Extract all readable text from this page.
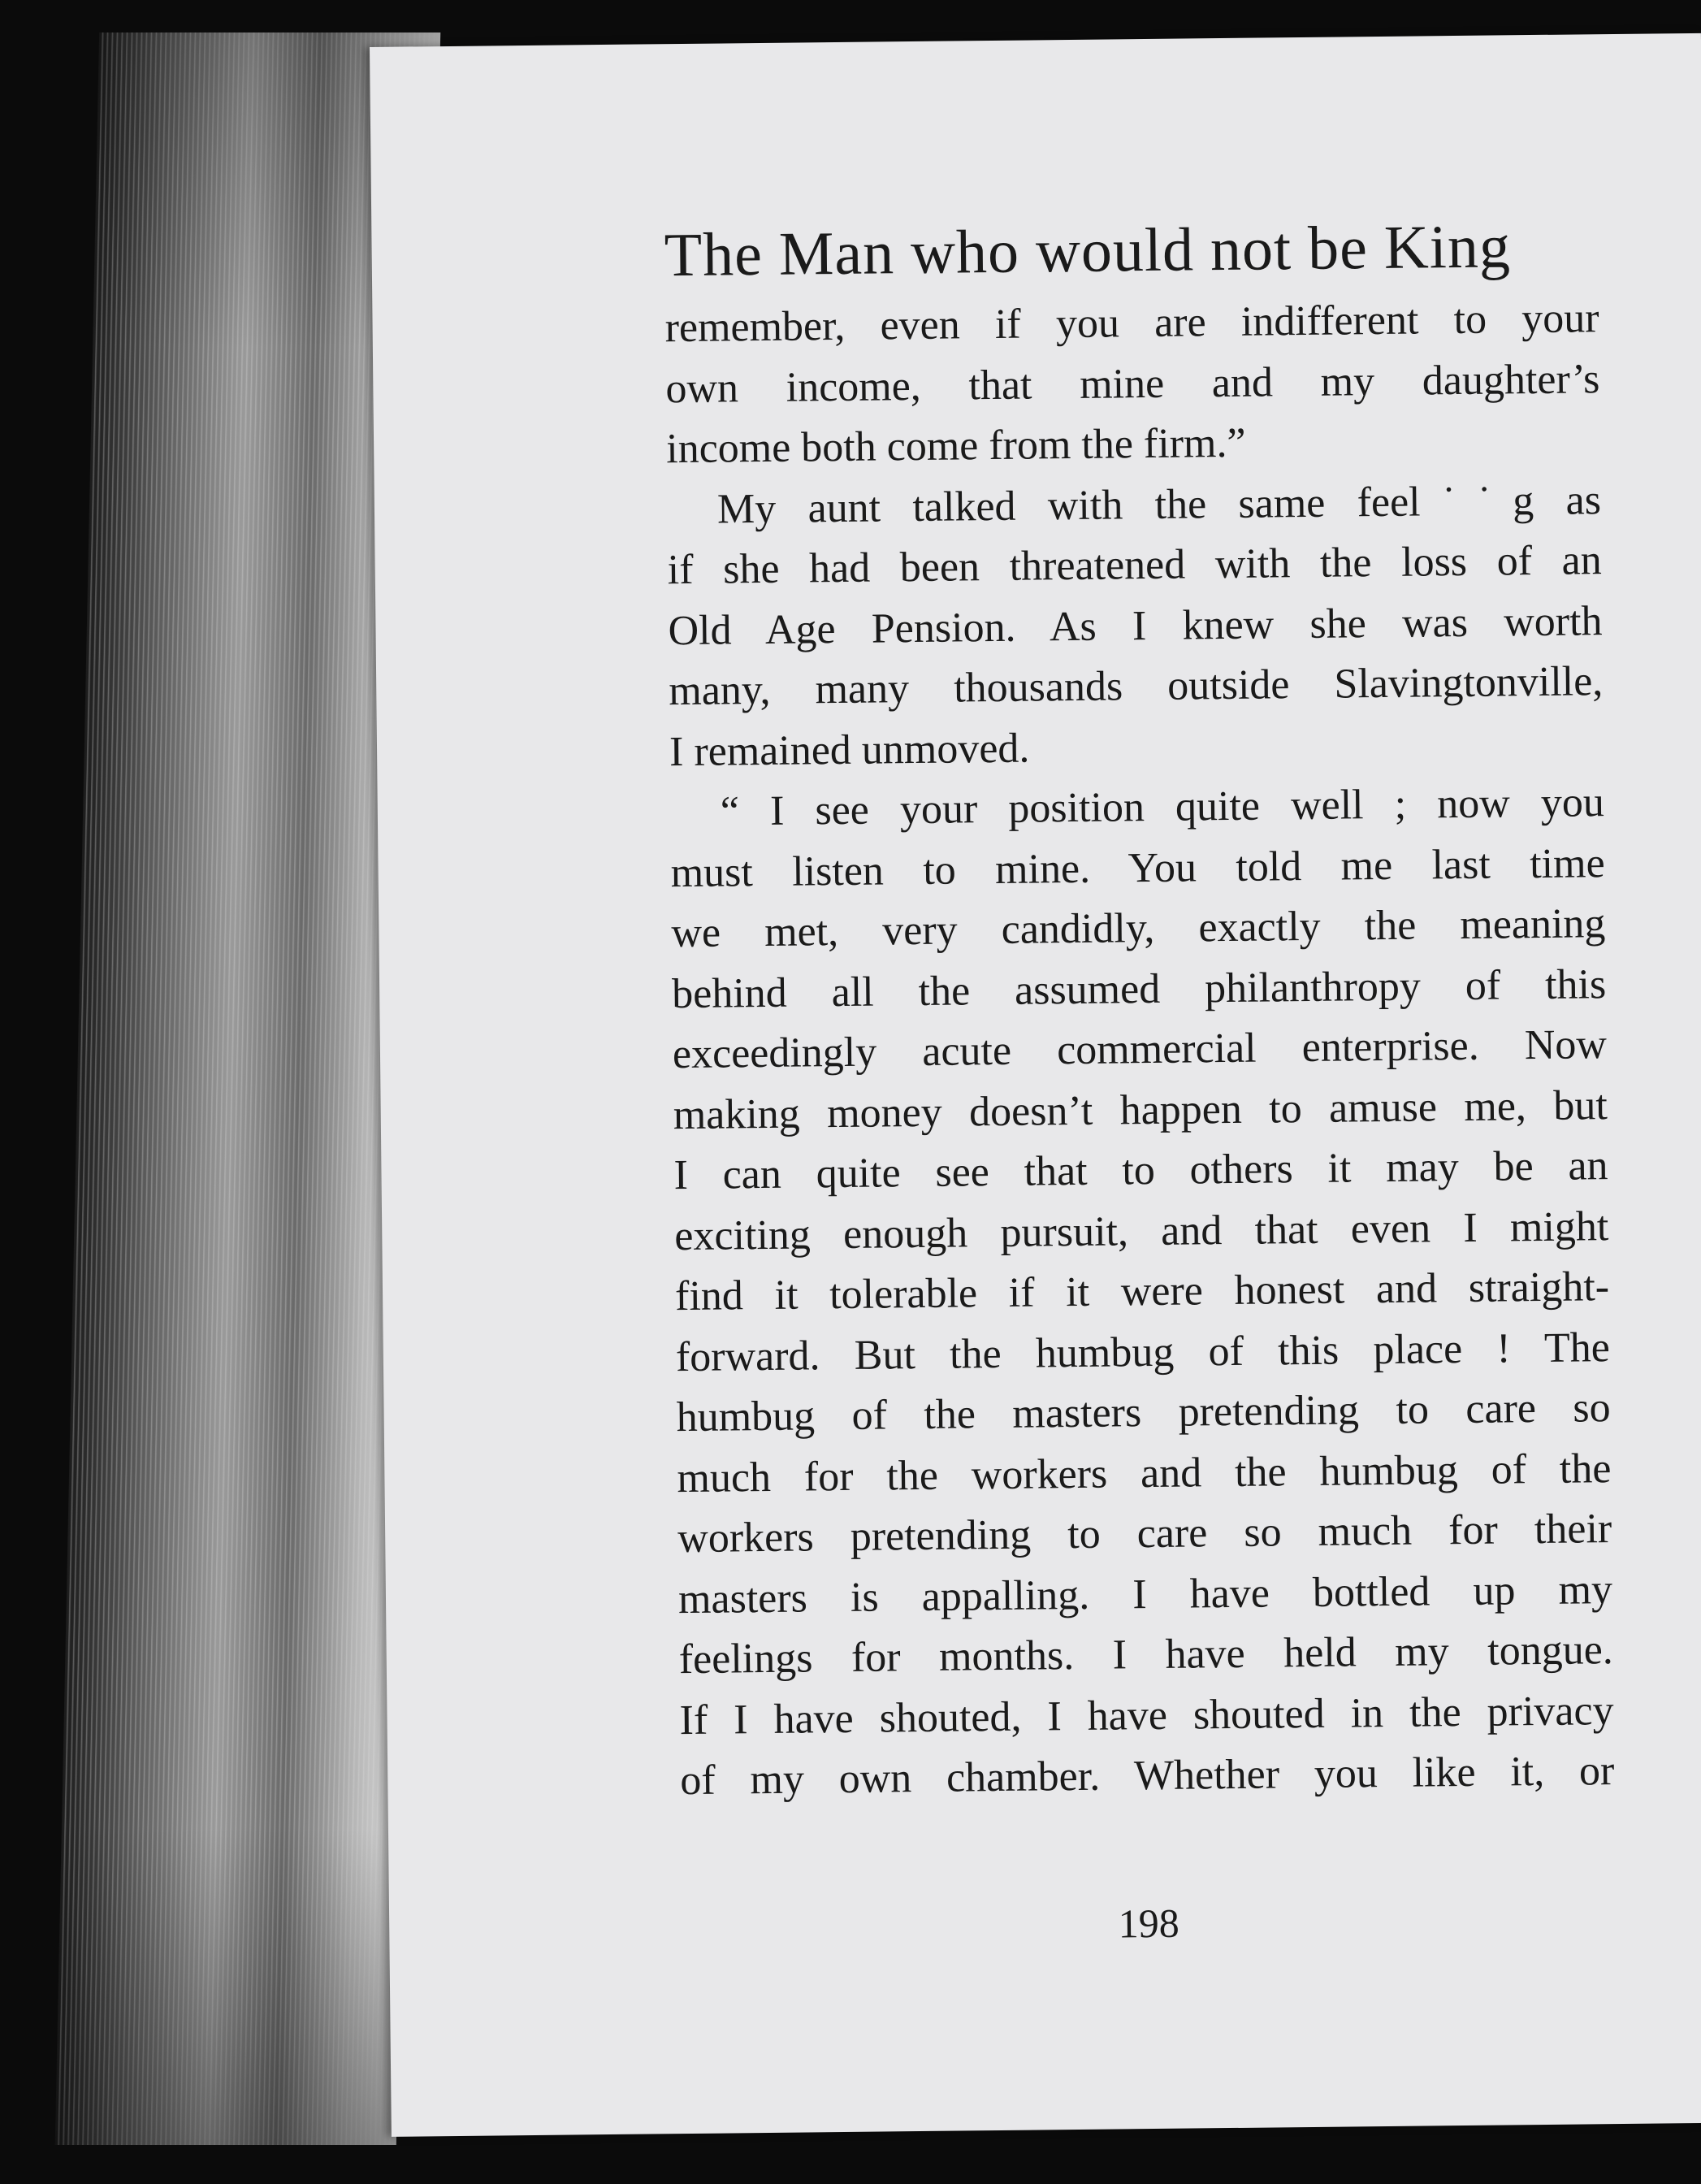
The Man who would not be King
remember, even if you are indifferent to your
own income, that mine and my daughter’s
income both come from the firm.”
My aunt talked with the same feel˙˙g as
if she had been threatened with the loss of an
Old Age Pension. As I knew she was worth
many, many thousands outside Slavingtonville,
I remained unmoved.
“ I see your position quite well ; now you
must listen to mine. You told me last time
we met, very candidly, exactly the meaning
behind all the assumed philanthropy of this
exceedingly acute commercial enterprise. Now
making money doesn’t happen to amuse me, but
I can quite see that to others it may be an
exciting enough pursuit, and that even I might
find it tolerable if it were honest and straight-
forward. But the humbug of this place ! The
humbug of the masters pretending to care so
much for the workers and the humbug of the
workers pretending to care so much for their
masters is appalling. I have bottled up my
feelings for months. I have held my tongue.
If I have shouted, I have shouted in the privacy
of my own chamber. Whether you like it, or
198
